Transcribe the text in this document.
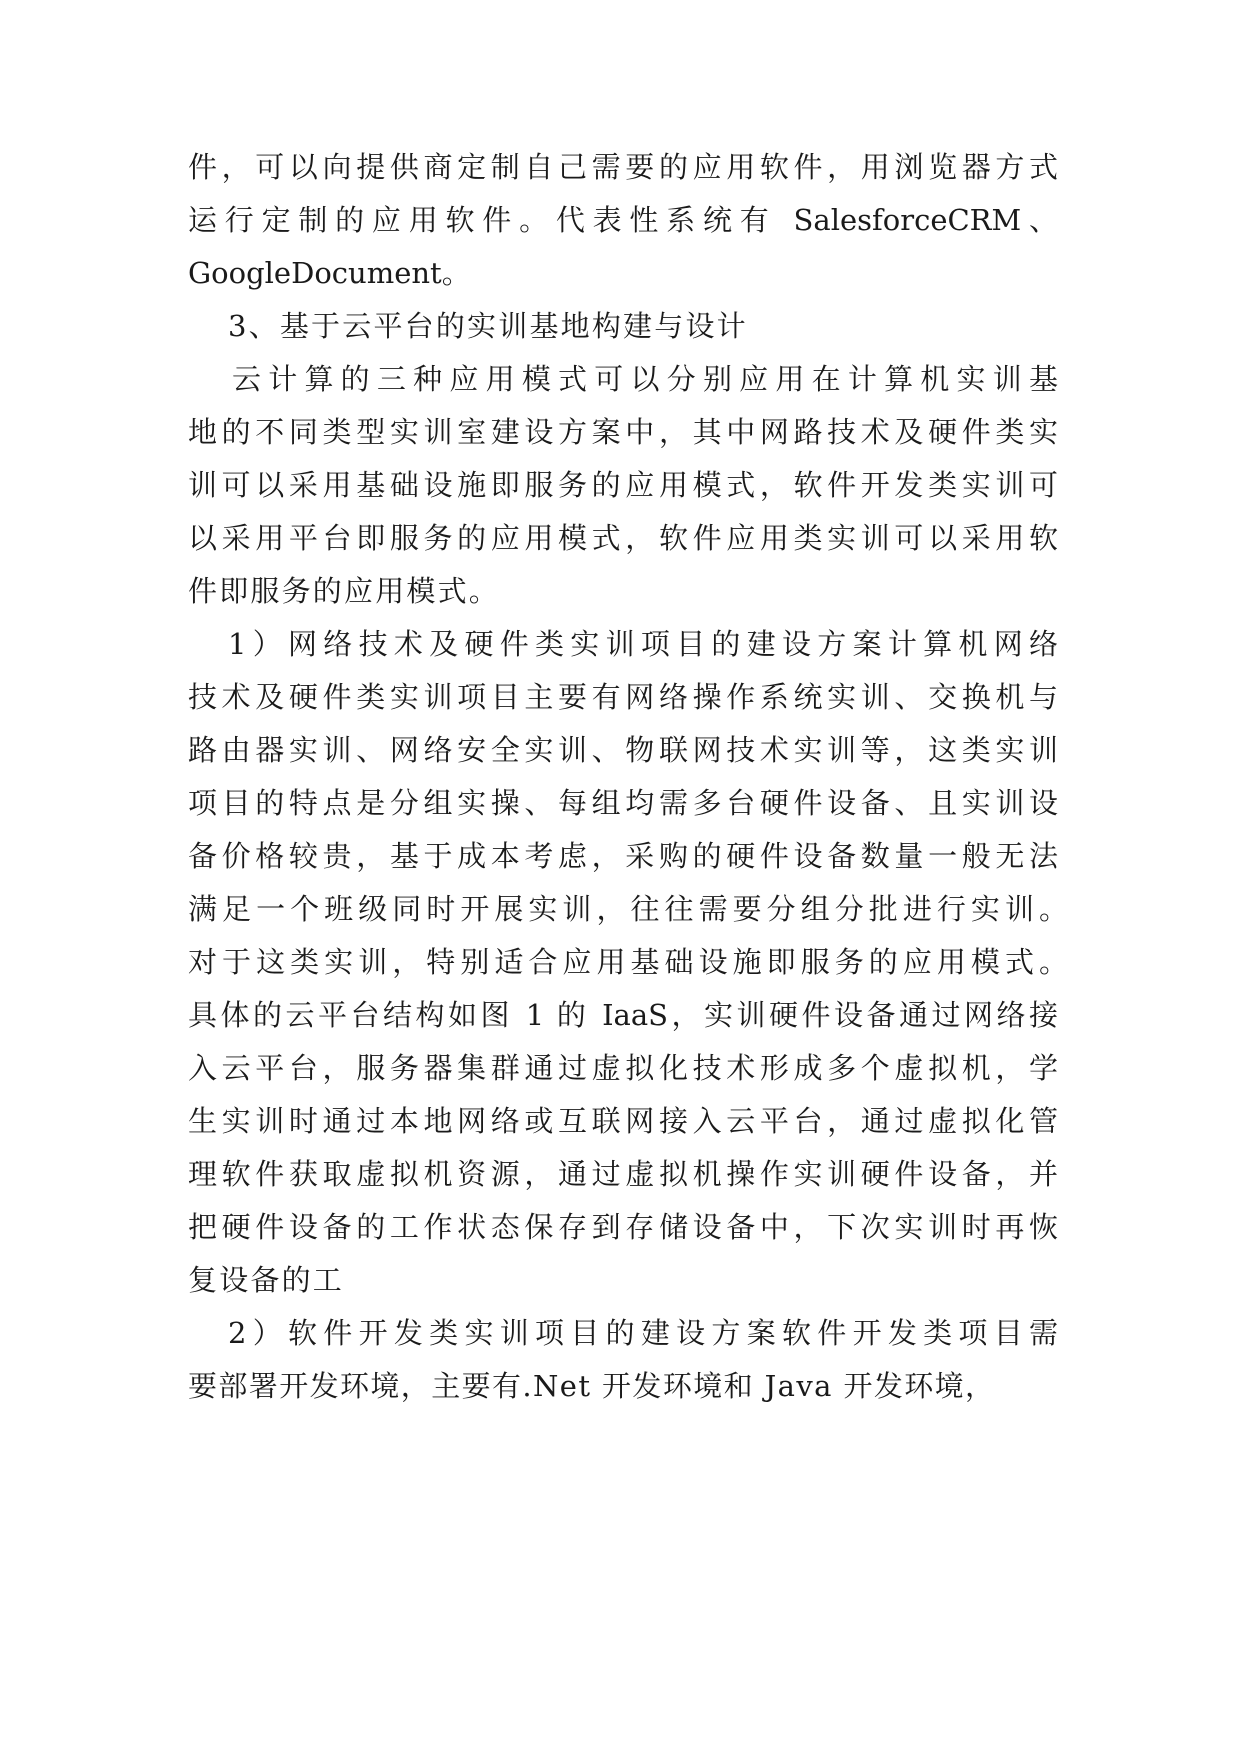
件，可以向提供商定制自己需要的应用软件，用浏览器方式
运行定制的应用软件。代表性系统有 SalesforceCRM、
GoogleDocument。
3、基于云平台的实训基地构建与设计
云计算的三种应用模式可以分别应用在计算机实训基
地的不同类型实训室建设方案中，其中网路技术及硬件类实
训可以采用基础设施即服务的应用模式，软件开发类实训可
以采用平台即服务的应用模式，软件应用类实训可以采用软
件即服务的应用模式。
1）网络技术及硬件类实训项目的建设方案计算机网络
技术及硬件类实训项目主要有网络操作系统实训、交换机与
路由器实训、网络安全实训、物联网技术实训等，这类实训
项目的特点是分组实操、每组均需多台硬件设备、且实训设
备价格较贵，基于成本考虑，采购的硬件设备数量一般无法
满足一个班级同时开展实训，往往需要分组分批进行实训。
对于这类实训，特别适合应用基础设施即服务的应用模式。
具体的云平台结构如图 1 的 IaaS，实训硬件设备通过网络接
入云平台，服务器集群通过虚拟化技术形成多个虚拟机，学
生实训时通过本地网络或互联网接入云平台，通过虚拟化管
理软件获取虚拟机资源，通过虚拟机操作实训硬件设备，并
把硬件设备的工作状态保存到存储设备中，下次实训时再恢
复设备的工
2）软件开发类实训项目的建设方案软件开发类项目需
要部署开发环境，主要有.Net 开发环境和 Java 开发环境，
